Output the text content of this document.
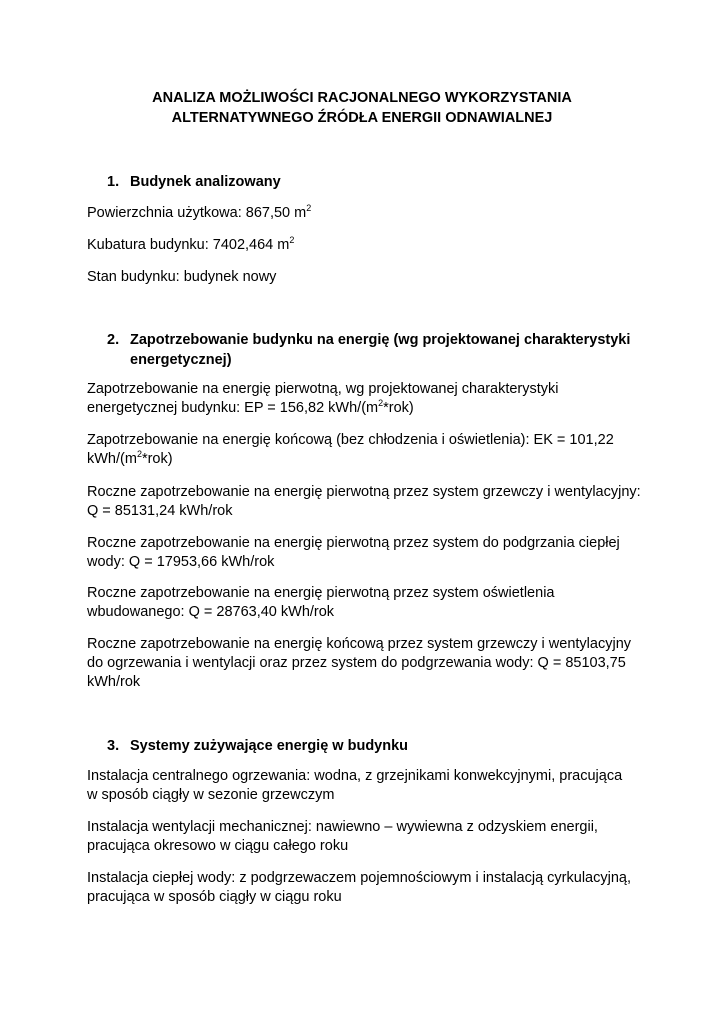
ANALIZA MOŻLIWOŚCI RACJONALNEGO WYKORZYSTANIA
ALTERNATYWNEGO ŹRÓDŁA ENERGII ODNAWIALNEJ
1. Budynek analizowany
Powierzchnia użytkowa: 867,50 $m^2$
Kubatura budynku: 7402,464 $m^2$
Stan budynku: budynek nowy
2. Zapotrzebowanie budynku na energię (wg projektowanej charakterystyki
energetycznej)
Zapotrzebowanie na energię pierwotną, wg projektowanej charakterystyki
energetycznej budynku: EP = 156,82 kWh/$(m^2*rok)$
Zapotrzebowanie na energię końcową (bez chłodzenia i oświetlenia): EK = 101,22
kWh/$(m^2*rok)$
Roczne zapotrzebowanie na energię pierwotną przez system grzewczy i wentylacyjny:
Q = 85131,24 kWh/rok
Roczne zapotrzebowanie na energię pierwotną przez system do podgrzania ciepłej
wody: Q = 17953,66 kWh/rok
Roczne zapotrzebowanie na energię pierwotną przez system oświetlenia
wbudowanego: Q = 28763,40 kWh/rok
Roczne zapotrzebowanie na energię końcową przez system grzewczy i wentylacyjny
do ogrzewania i wentylacji oraz przez system do podgrzewania wody: Q = 85103,75
kWh/rok
3. Systemy zużywające energię w budynku
Instalacja centralnego ogrzewania: wodna, z grzejnikami konwekcyjnymi, pracująca
w sposób ciągły w sezonie grzewczym
Instalacja wentylacji mechanicznej: nawiewno – wywiewna z odzyskiem energii,
pracująca okresowo w ciągu całego roku
Instalacja ciepłej wody: z podgrzewaczem pojemnościowym i instalacją cyrkulacyjną,
pracująca w sposób ciągły w ciągu roku
